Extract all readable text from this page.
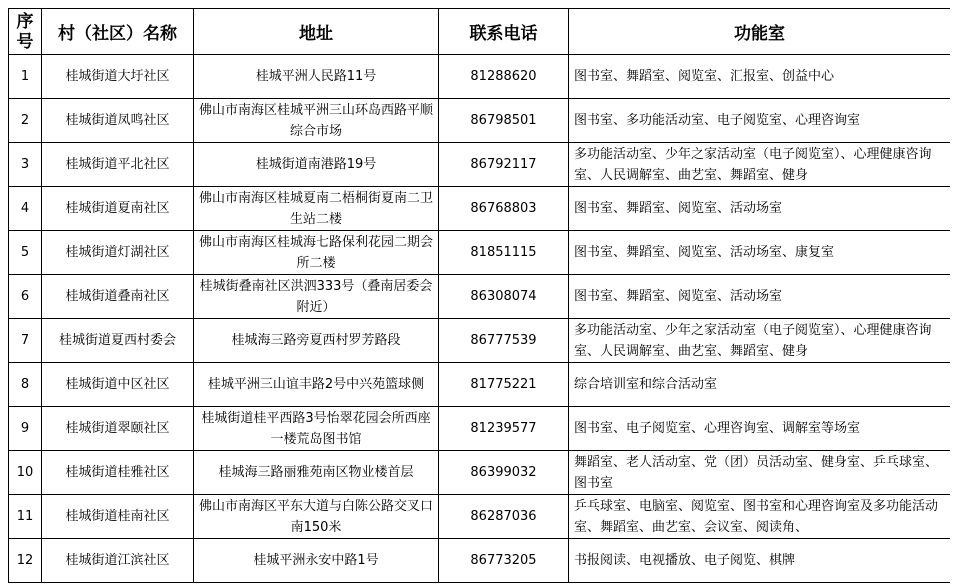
序号	村（社区）名称	地址	联系电话	功能室
1	桂城街道大圩社区	桂城平洲人民路11号	81288620	图书室、舞蹈室、阅览室、汇报室、创益中心

2	桂城街道凤鸣社区	佛山市南海区桂城平洲三山环岛西路平顺综合市场	86798501	图书室、多功能活动室、电子阅览室、心理咨询室

3	桂城街道平北社区	桂城街道南港路19号	86792117	多功能活动室、少年之家活动室（电子阅览室）、心理健康咨询室、人民调解室、曲艺室、舞蹈室、健身

4	桂城街道夏南社区	佛山市南海区桂城夏南二梧桐街夏南二卫生站二楼	86768803	图书室、舞蹈室、阅览室、活动场室

5	桂城街道灯湖社区	佛山市南海区桂城海七路保利花园二期会所二楼	81851115	图书室、舞蹈室、阅览室、活动场室、康复室

6	桂城街道叠南社区	桂城街叠南社区洪泗333号（叠南居委会附近）	86308074	图书室、舞蹈室、阅览室、活动场室

7	桂城街道夏西村委会	桂城海三路旁夏西村罗芳路段	86777539	多功能活动室、少年之家活动室（电子阅览室）、心理健康咨询室、人民调解室、曲艺室、舞蹈室、健身

8	桂城街道中区社区	桂城平洲三山谊丰路2号中兴苑篮球侧	81775221	综合培训室和综合活动室

9	桂城街道翠颐社区	桂城街道桂平西路3号怡翠花园会所西座一楼荒岛图书馆	81239577	图书室、电子阅览室、心理咨询室、调解室等场室

10	桂城街道桂雅社区	桂城海三路丽雅苑南区物业楼首层	86399032	舞蹈室、老人活动室、党（团）员活动室、健身室、乒乓球室、图书室

11	桂城街道桂南社区	佛山市南海区平东大道与白陈公路交叉口南150米	86287036	乒乓球室、电脑室、阅览室、图书室和心理咨询室及多功能活动室、舞蹈室、曲艺室、会议室、阅读角、

12	桂城街道江滨社区	桂城平洲永安中路1号	86773205	书报阅读、电视播放、电子阅览、棋牌
